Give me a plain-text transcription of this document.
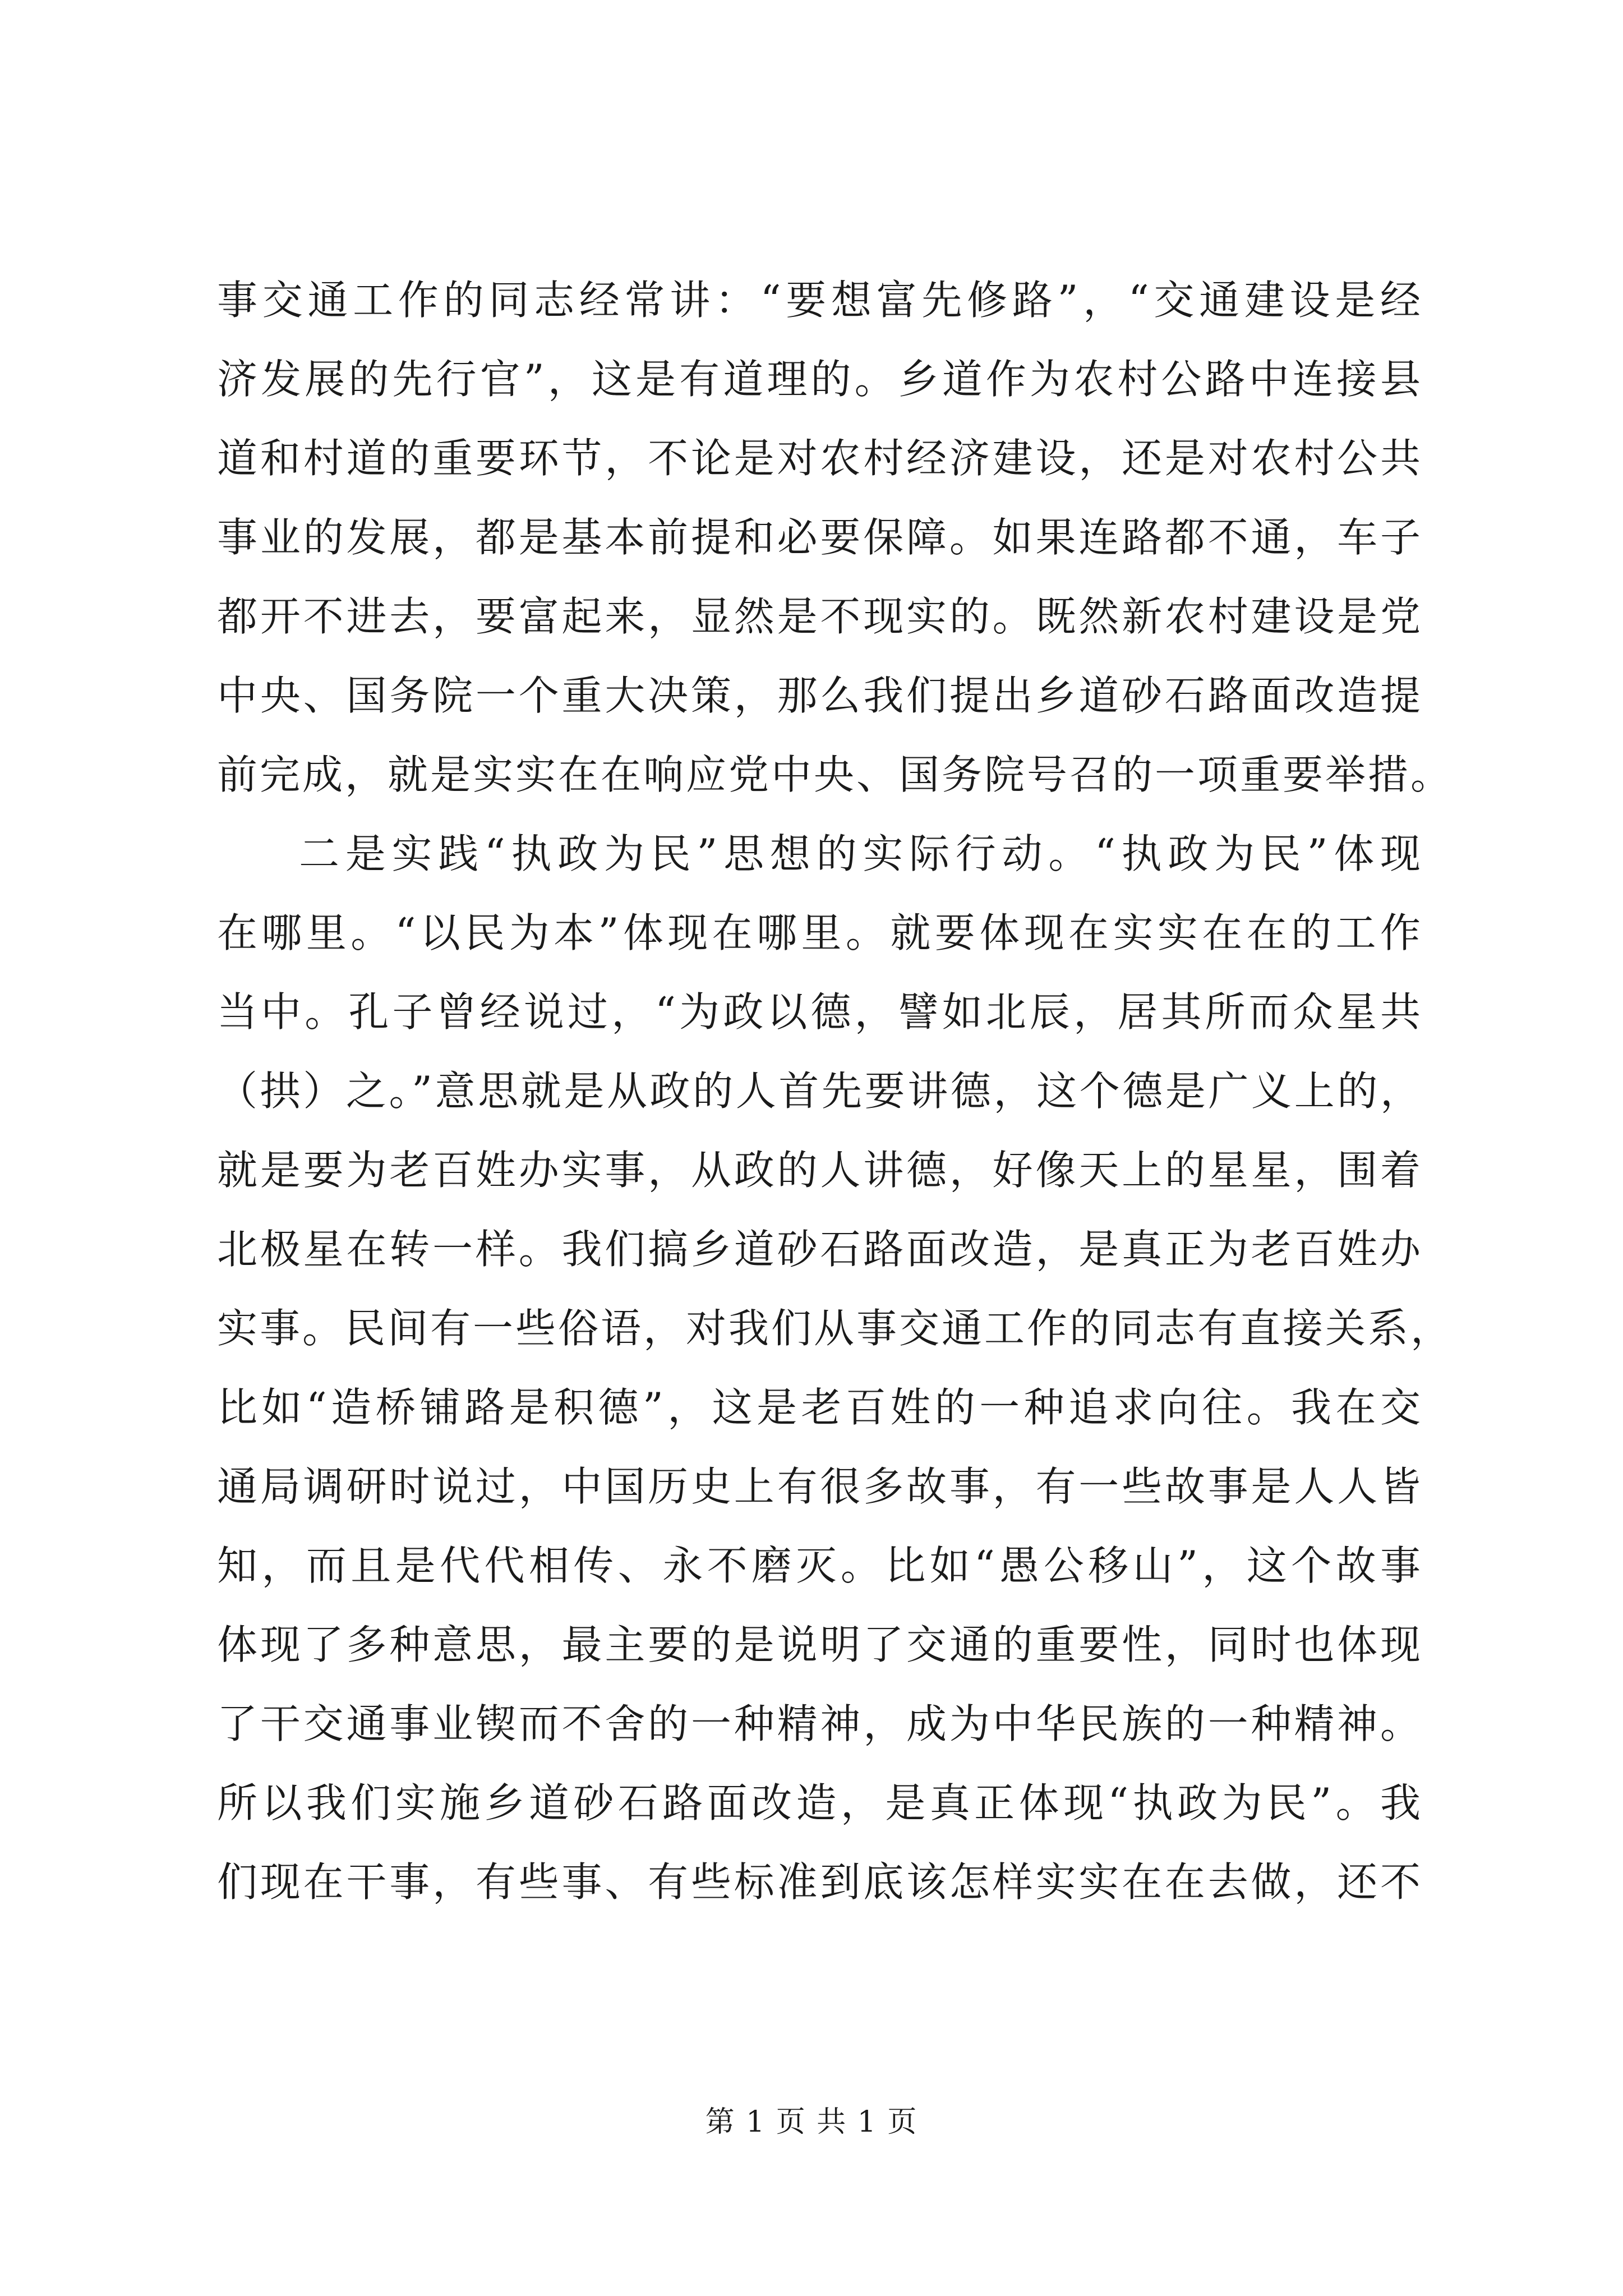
事交通工作的同志经常讲：“要想富先修路”，“交通建设是经
济发展的先行官”，这是有道理的。乡道作为农村公路中连接县
道和村道的重要环节，不论是对农村经济建设，还是对农村公共
事业的发展，都是基本前提和必要保障。如果连路都不通，车子
都开不进去，要富起来，显然是不现实的。既然新农村建设是党
中央、国务院一个重大决策，那么我们提出乡道砂石路面改造提
前完成，就是实实在在响应党中央、国务院号召的一项重要举措。
二是实践“执政为民”思想的实际行动。“执政为民”体现
在哪里。“以民为本”体现在哪里。就要体现在实实在在的工作
当中。孔子曾经说过，“为政以德，譬如北辰，居其所而众星共
（拱）之。”意思就是从政的人首先要讲德，这个德是广义上的，
就是要为老百姓办实事，从政的人讲德，好像天上的星星，围着
北极星在转一样。我们搞乡道砂石路面改造，是真正为老百姓办
实事。民间有一些俗语，对我们从事交通工作的同志有直接关系，
比如“造桥铺路是积德”，这是老百姓的一种追求向往。我在交
通局调研时说过，中国历史上有很多故事，有一些故事是人人皆
知，而且是代代相传、永不磨灭。比如“愚公移山”，这个故事
体现了多种意思，最主要的是说明了交通的重要性，同时也体现
了干交通事业锲而不舍的一种精神，成为中华民族的一种精神。
所以我们实施乡道砂石路面改造，是真正体现“执政为民”。我
们现在干事，有些事、有些标准到底该怎样实实在在去做，还不
第 1 页 共 1 页
